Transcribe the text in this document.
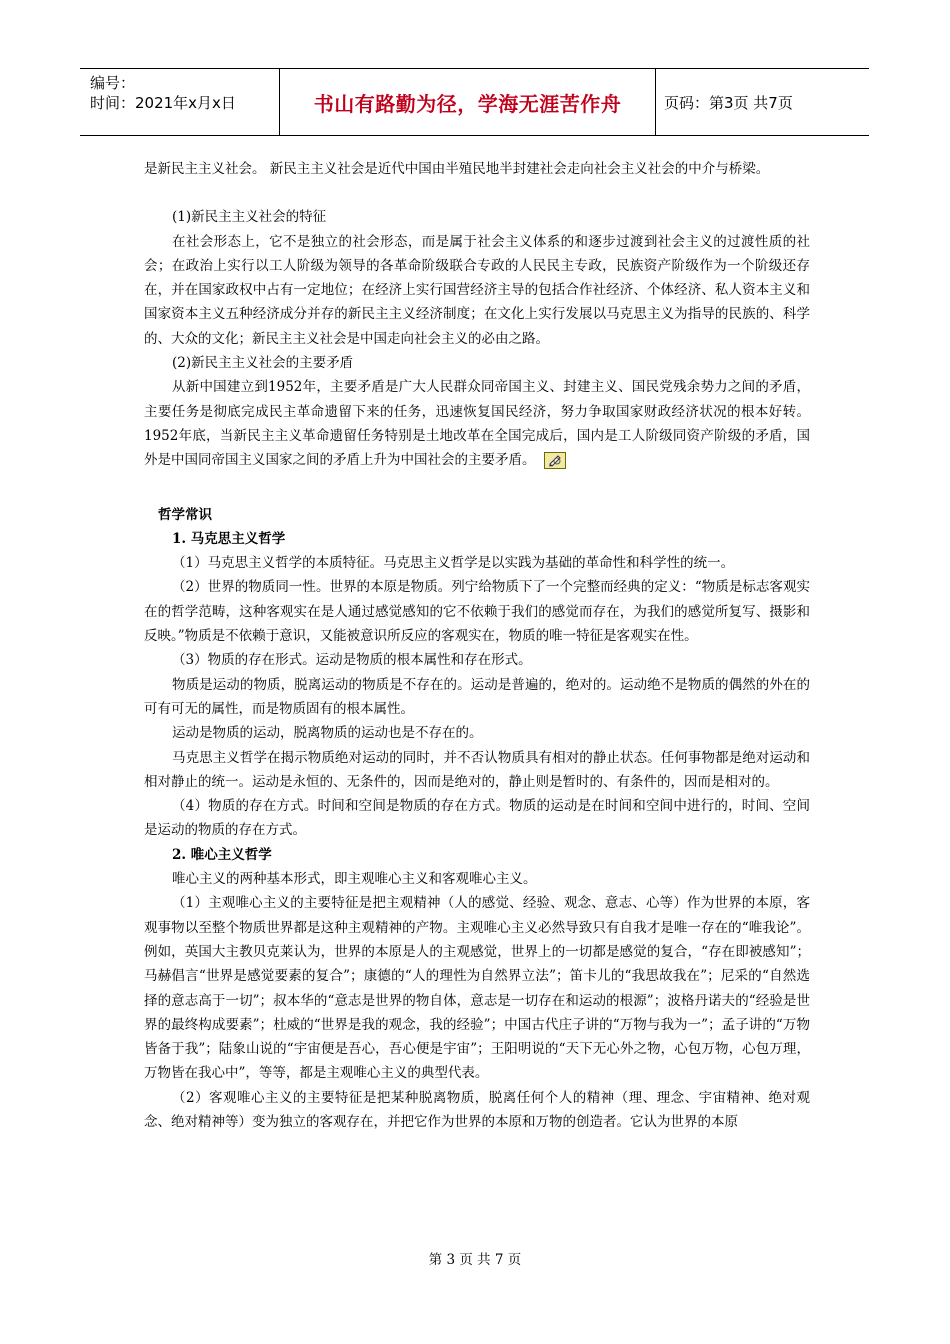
编号：
时间：2021年x月x日	书山有路勤为径，学海无涯苦作舟	页码：第3页 共7页

是新民主主义社会。 新民主主义社会是近代中国由半殖民地半封建社会走向社会主义社会的中介与桥梁。

(1)新民主主义社会的特征

在社会形态上，它不是独立的社会形态，而是属于社会主义体系的和逐步过渡到社会主义的过渡性质的社会；在政治上实行以工人阶级为领导的各革命阶级联合专政的人民民主专政，民族资产阶级作为一个阶级还存在，并在国家政权中占有一定地位；在经济上实行国营经济主导的包括合作社经济、个体经济、私人资本主义和国家资本主义五种经济成分并存的新民主主义经济制度；在文化上实行发展以马克思主义为指导的民族的、科学的、大众的文化；新民主主义社会是中国走向社会主义的必由之路。

(2)新民主主义社会的主要矛盾

从新中国建立到1952年，主要矛盾是广大人民群众同帝国主义、封建主义、国民党残余势力之间的矛盾，主要任务是彻底完成民主革命遗留下来的任务，迅速恢复国民经济，努力争取国家财政经济状况的根本好转。1952年底，当新民主主义革命遗留任务特别是土地改革在全国完成后，国内是工人阶级同资产阶级的矛盾，国外是中国同帝国主义国家之间的矛盾上升为中国社会的主要矛盾。

哲学常识

1. 马克思主义哲学

（1）马克思主义哲学的本质特征。马克思主义哲学是以实践为基础的革命性和科学性的统一。

（2）世界的物质同一性。世界的本原是物质。列宁给物质下了一个完整而经典的定义：“物质是标志客观实在的哲学范畴，这种客观实在是人通过感觉感知的它不依赖于我们的感觉而存在，为我们的感觉所复写、摄影和反映。”物质是不依赖于意识，又能被意识所反应的客观实在，物质的唯一特征是客观实在性。

（3）物质的存在形式。运动是物质的根本属性和存在形式。

物质是运动的物质，脱离运动的物质是不存在的。运动是普遍的，绝对的。运动绝不是物质的偶然的外在的可有可无的属性，而是物质固有的根本属性。

运动是物质的运动，脱离物质的运动也是不存在的。

马克思主义哲学在揭示物质绝对运动的同时，并不否认物质具有相对的静止状态。任何事物都是绝对运动和相对静止的统一。运动是永恒的、无条件的，因而是绝对的，静止则是暂时的、有条件的，因而是相对的。

（4）物质的存在方式。时间和空间是物质的存在方式。物质的运动是在时间和空间中进行的，时间、空间是运动的物质的存在方式。

2. 唯心主义哲学

唯心主义的两种基本形式，即主观唯心主义和客观唯心主义。

（1）主观唯心主义的主要特征是把主观精神（人的感觉、经验、观念、意志、心等）作为世界的本原，客观事物以至整个物质世界都是这种主观精神的产物。主观唯心主义必然导致只有自我才是唯一存在的“唯我论”。例如，英国大主教贝克莱认为，世界的本原是人的主观感觉，世界上的一切都是感觉的复合，“存在即被感知”；马赫倡言“世界是感觉要素的复合”；康德的“人的理性为自然界立法”；笛卡儿的“我思故我在”；尼采的“自然选择的意志高于一切”；叔本华的“意志是世界的物自体，意志是一切存在和运动的根源”；波格丹诺夫的“经验是世界的最终构成要素”；杜威的“世界是我的观念，我的经验”；中国古代庄子讲的“万物与我为一”；孟子讲的“万物皆备于我”；陆象山说的“宇宙便是吾心，吾心便是宇宙”；王阳明说的“天下无心外之物，心包万物，心包万理，万物皆在我心中”，等等，都是主观唯心主义的典型代表。

（2）客观唯心主义的主要特征是把某种脱离物质，脱离任何个人的精神（理、理念、宇宙精神、绝对观念、绝对精神等）变为独立的客观存在，并把它作为世界的本原和万物的创造者。它认为世界的本原

第 3 页 共 7 页
